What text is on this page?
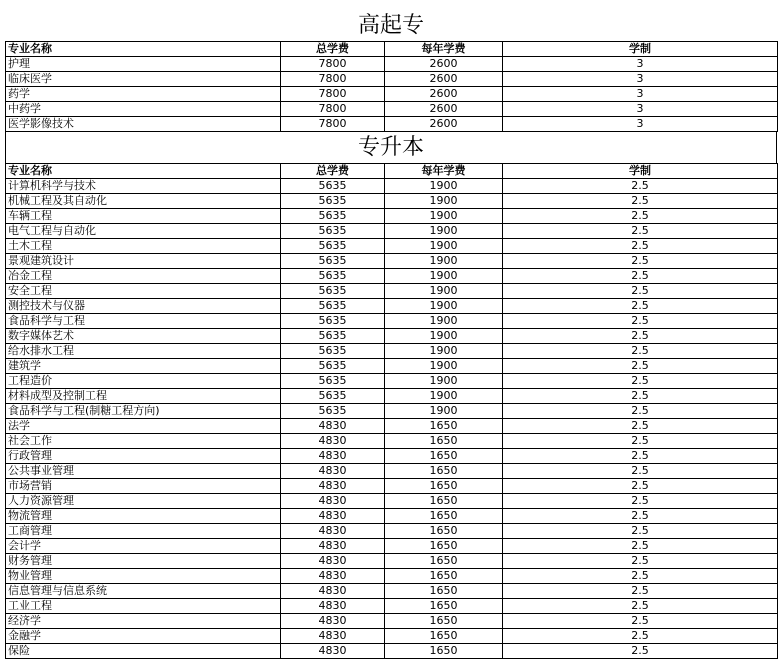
高起专
专业名称	总学费	每年学费	学制
护理	7800	2600	3
临床医学	7800	2600	3
药学	7800	2600	3
中药学	7800	2600	3
医学影像技术	7800	2600	3
专升本
专业名称	总学费	每年学费	学制
计算机科学与技术	5635	1900	2.5
机械工程及其自动化	5635	1900	2.5
车辆工程	5635	1900	2.5
电气工程与自动化	5635	1900	2.5
土木工程	5635	1900	2.5
景观建筑设计	5635	1900	2.5
冶金工程	5635	1900	2.5
安全工程	5635	1900	2.5
测控技术与仪器	5635	1900	2.5
食品科学与工程	5635	1900	2.5
数字媒体艺术	5635	1900	2.5
给水排水工程	5635	1900	2.5
建筑学	5635	1900	2.5
工程造价	5635	1900	2.5
材料成型及控制工程	5635	1900	2.5
食品科学与工程(制糖工程方向)	5635	1900	2.5
法学	4830	1650	2.5
社会工作	4830	1650	2.5
行政管理	4830	1650	2.5
公共事业管理	4830	1650	2.5
市场营销	4830	1650	2.5
人力资源管理	4830	1650	2.5
物流管理	4830	1650	2.5
工商管理	4830	1650	2.5
会计学	4830	1650	2.5
财务管理	4830	1650	2.5
物业管理	4830	1650	2.5
信息管理与信息系统	4830	1650	2.5
工业工程	4830	1650	2.5
经济学	4830	1650	2.5
金融学	4830	1650	2.5
保险	4830	1650	2.5
